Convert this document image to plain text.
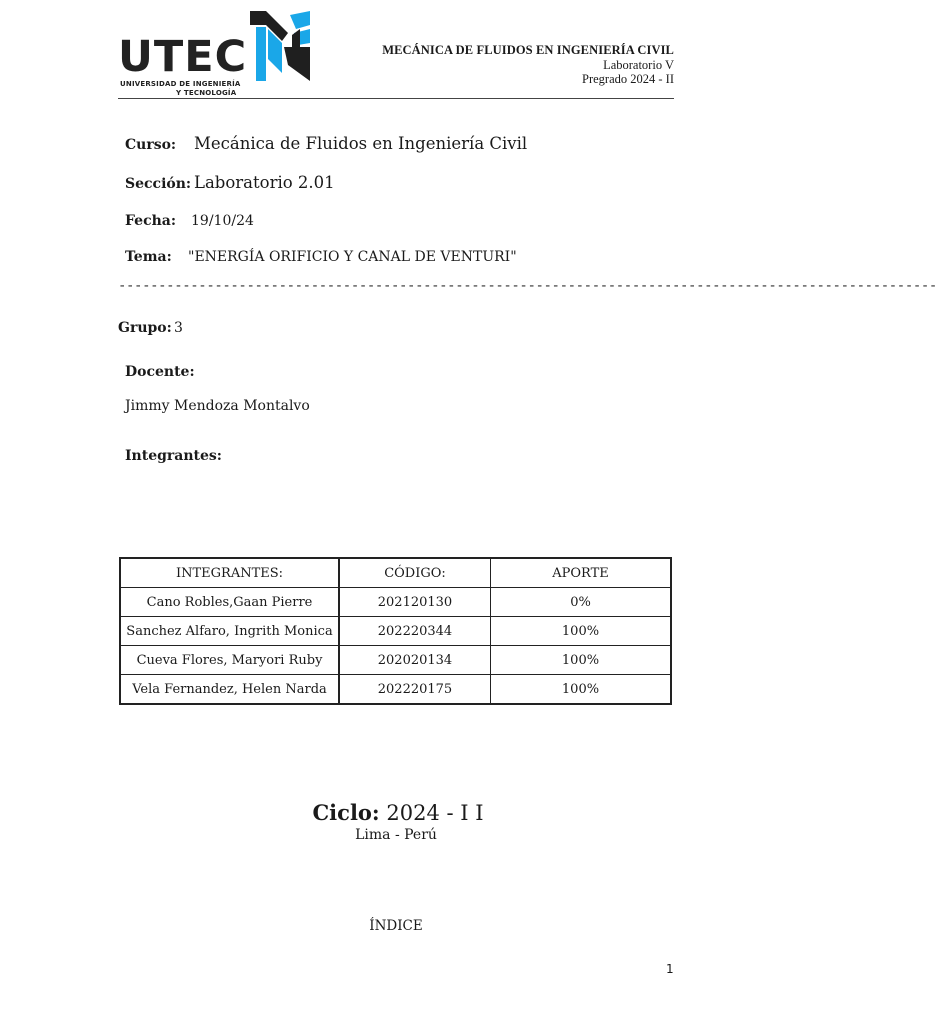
UTEC
UNIVERSIDAD DE INGENIERÍA
Y TECNOLOGÍA
MECÁNICA DE FLUIDOS EN INGENIERÍA CIVIL
Laboratorio V
Pregrado 2024 - II
Curso: Mecánica de Fluidos en Ingeniería Civil
Sección: Laboratorio 2.01
Fecha: 19/10/24
Tema: "ENERGÍA ORIFICIO Y CANAL DE VENTURI"
------------------------------------------------------------------------------------------------------
Grupo: 3
Docente:
Jimmy Mendoza Montalvo
Integrantes:
INTEGRANTES:	CÓDIGO:	APORTE
Cano Robles,Gaan Pierre	202120130	0%
Sanchez Alfaro, Ingrith Monica	202220344	100%
Cueva Flores, Maryori Ruby	202020134	100%
Vela Fernandez, Helen Narda	202220175	100%
Ciclo: 2024 - I I
Lima - Perú
ÍNDICE
1
